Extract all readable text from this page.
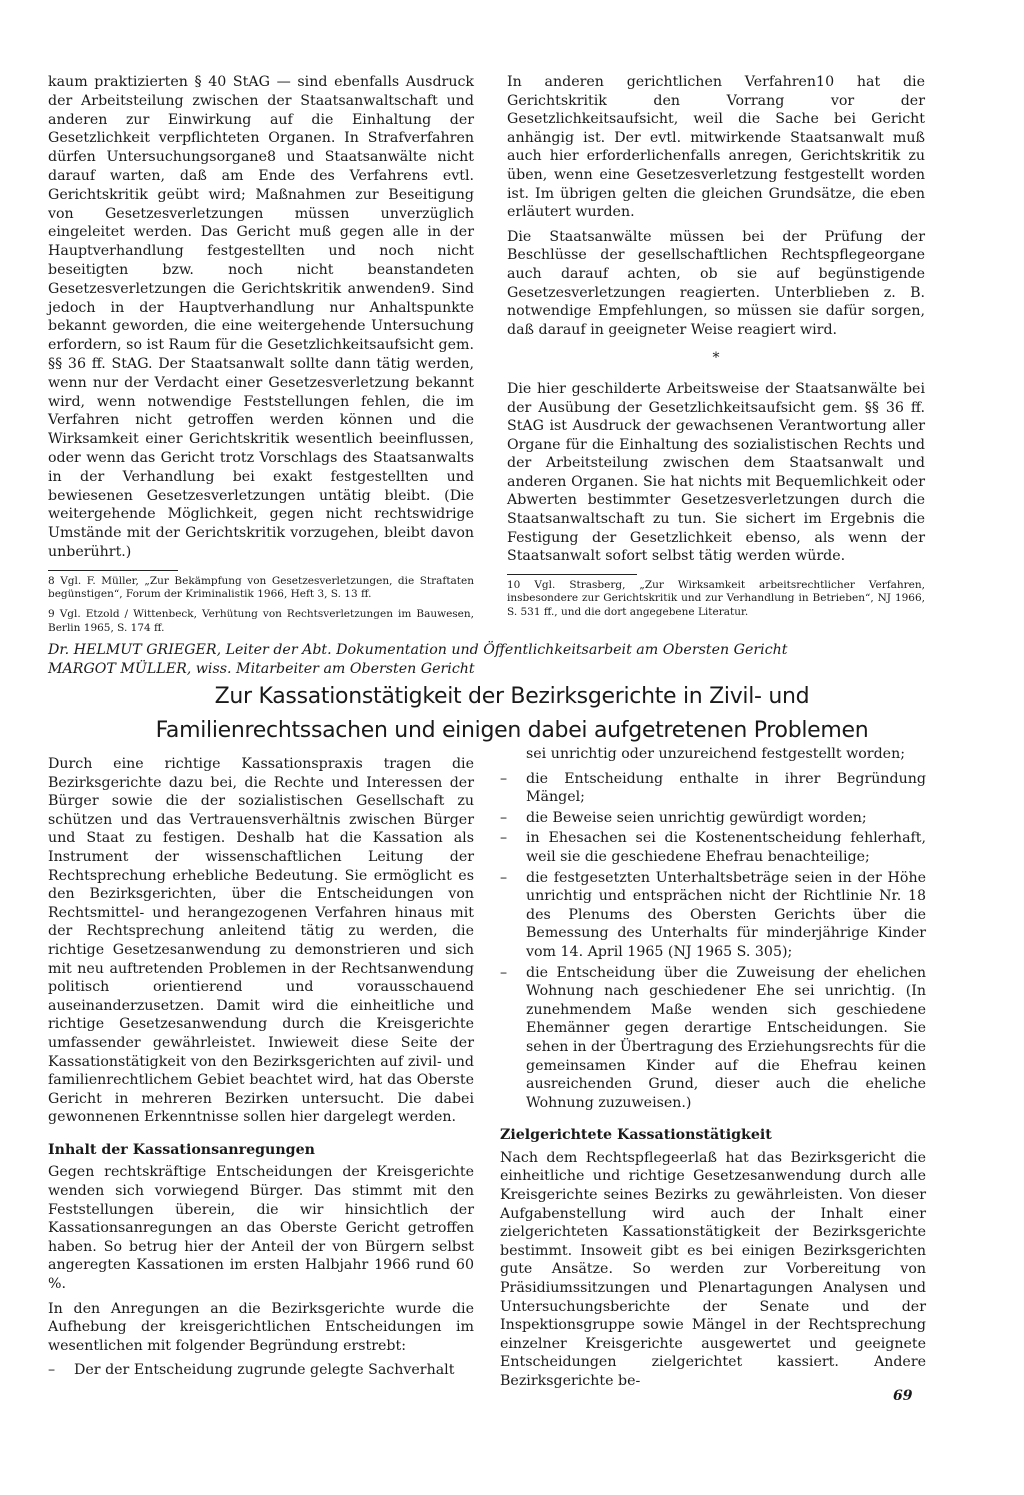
kaum praktizierten § 40 StAG — sind ebenfalls Ausdruck der Arbeitsteilung zwischen der Staatsanwaltschaft und anderen zur Einwirkung auf die Einhaltung der Gesetzlichkeit verpflichteten Organen. In Strafverfahren dürfen Untersuchungsorgane8 und Staatsanwälte nicht darauf warten, daß am Ende des Verfahrens evtl. Gerichtskritik geübt wird; Maßnahmen zur Beseitigung von Gesetzesverletzungen müssen unverzüglich eingeleitet werden. Das Gericht muß gegen alle in der Hauptverhandlung festgestellten und noch nicht beseitigten bzw. noch nicht beanstandeten Gesetzesverletzungen die Gerichtskritik anwenden9. Sind jedoch in der Hauptverhandlung nur Anhaltspunkte bekannt geworden, die eine weitergehende Untersuchung erfordern, so ist Raum für die Gesetzlichkeitsaufsicht gem. §§ 36 ff. StAG. Der Staatsanwalt sollte dann tätig werden, wenn nur der Verdacht einer Gesetzesverletzung bekannt wird, wenn notwendige Feststellungen fehlen, die im Verfahren nicht getroffen werden können und die Wirksamkeit einer Gerichtskritik wesentlich beeinflussen, oder wenn das Gericht trotz Vorschlags des Staatsanwalts in der Verhandlung bei exakt festgestellten und bewiesenen Gesetzesverletzungen untätig bleibt. (Die weitergehende Möglichkeit, gegen nicht rechtswidrige Umstände mit der Gerichtskritik vorzugehen, bleibt davon unberührt.)

8 Vgl. F. Müller, „Zur Bekämpfung von Gesetzesverletzungen, die Straftaten begünstigen“, Forum der Kriminalistik 1966, Heft 3, S. 13 ff.

9 Vgl. Etzold / Wittenbeck, Verhütung von Rechtsverletzungen im Bauwesen, Berlin 1965, S. 174 ff.

In anderen gerichtlichen Verfahren10 hat die Gerichtskritik den Vorrang vor der Gesetzlichkeitsaufsicht, weil die Sache bei Gericht anhängig ist. Der evtl. mitwirkende Staatsanwalt muß auch hier erforderlichenfalls anregen, Gerichtskritik zu üben, wenn eine Gesetzesverletzung festgestellt worden ist. Im übrigen gelten die gleichen Grundsätze, die eben erläutert wurden.

Die Staatsanwälte müssen bei der Prüfung der Beschlüsse der gesellschaftlichen Rechtspflegeorgane auch darauf achten, ob sie auf begünstigende Gesetzesverletzungen reagierten. Unterblieben z. B. notwendige Empfehlungen, so müssen sie dafür sorgen, daß darauf in geeigneter Weise reagiert wird.

*

Die hier geschilderte Arbeitsweise der Staatsanwälte bei der Ausübung der Gesetzlichkeitsaufsicht gem. §§ 36 ff. StAG ist Ausdruck der gewachsenen Verantwortung aller Organe für die Einhaltung des sozialistischen Rechts und der Arbeitsteilung zwischen dem Staatsanwalt und anderen Organen. Sie hat nichts mit Bequemlichkeit oder Abwerten bestimmter Gesetzesverletzungen durch die Staatsanwaltschaft zu tun. Sie sichert im Ergebnis die Festigung der Gesetzlichkeit ebenso, als wenn der Staatsanwalt sofort selbst tätig werden würde.

10 Vgl. Strasberg, „Zur Wirksamkeit arbeitsrechtlicher Verfahren, insbesondere zur Gerichtskritik und zur Verhandlung in Betrieben“, NJ 1966, S. 531 ff., und die dort angegebene Literatur.

Dr. HELMUT GRIEGER, Leiter der Abt. Dokumentation und Öffentlichkeitsarbeit am Obersten Gericht
MARGOT MÜLLER, wiss. Mitarbeiter am Obersten Gericht
Zur Kassationstätigkeit der Bezirksgerichte in Zivil- und
Familienrechtssachen und einigen dabei aufgetretenen Problemen

Durch eine richtige Kassationspraxis tragen die Bezirksgerichte dazu bei, die Rechte und Interessen der Bürger sowie die der sozialistischen Gesellschaft zu schützen und das Vertrauensverhältnis zwischen Bürger und Staat zu festigen. Deshalb hat die Kassation als Instrument der wissenschaftlichen Leitung der Rechtsprechung erhebliche Bedeutung. Sie ermöglicht es den Bezirksgerichten, über die Entscheidungen von Rechtsmittel- und herangezogenen Verfahren hinaus mit der Rechtsprechung anleitend tätig zu werden, die richtige Gesetzesanwendung zu demonstrieren und sich mit neu auftretenden Problemen in der Rechtsanwendung politisch orientierend und vorausschauend auseinanderzusetzen. Damit wird die einheitliche und richtige Gesetzesanwendung durch die Kreisgerichte umfassender gewährleistet. Inwieweit diese Seite der Kassationstätigkeit von den Bezirksgerichten auf zivil- und familienrechtlichem Gebiet beachtet wird, hat das Oberste Gericht in mehreren Bezirken untersucht. Die dabei gewonnenen Erkenntnisse sollen hier dargelegt werden.

Inhalt der Kassationsanregungen

Gegen rechtskräftige Entscheidungen der Kreisgerichte wenden sich vorwiegend Bürger. Das stimmt mit den Feststellungen überein, die wir hinsichtlich der Kassationsanregungen an das Oberste Gericht getroffen haben. So betrug hier der Anteil der von Bürgern selbst angeregten Kassationen im ersten Halbjahr 1966 rund 60 %.

In den Anregungen an die Bezirksgerichte wurde die Aufhebung der kreisgerichtlichen Entscheidungen im wesentlichen mit folgender Begründung erstrebt:

– Der der Entscheidung zugrunde gelegte Sachverhalt

sei unrichtig oder unzureichend festgestellt worden;

– die Entscheidung enthalte in ihrer Begründung Mängel;
– die Beweise seien unrichtig gewürdigt worden;
– in Ehesachen sei die Kostenentscheidung fehlerhaft, weil sie die geschiedene Ehefrau benachteilige;
– die festgesetzten Unterhaltsbeträge seien in der Höhe unrichtig und entsprächen nicht der Richtlinie Nr. 18 des Plenums des Obersten Gerichts über die Bemessung des Unterhalts für minderjährige Kinder vom 14. April 1965 (NJ 1965 S. 305);
– die Entscheidung über die Zuweisung der ehelichen Wohnung nach geschiedener Ehe sei unrichtig. (In zunehmendem Maße wenden sich geschiedene Ehemänner gegen derartige Entscheidungen. Sie sehen in der Übertragung des Erziehungsrechts für die gemeinsamen Kinder auf die Ehefrau keinen ausreichenden Grund, dieser auch die eheliche Wohnung zuzuweisen.)
Zielgerichtete Kassationstätigkeit

Nach dem Rechtspflegeerlaß hat das Bezirksgericht die einheitliche und richtige Gesetzesanwendung durch alle Kreisgerichte seines Bezirks zu gewährleisten. Von dieser Aufgabenstellung wird auch der Inhalt einer zielgerichteten Kassationstätigkeit der Bezirksgerichte bestimmt. Insoweit gibt es bei einigen Bezirksgerichten gute Ansätze. So werden zur Vorbereitung von Präsidiumssitzungen und Plenartagungen Analysen und Untersuchungsberichte der Senate und der Inspektionsgruppe sowie Mängel in der Rechtsprechung einzelner Kreisgerichte ausgewertet und geeignete Entscheidungen zielgerichtet kassiert. Andere Bezirksgerichte be-

69
